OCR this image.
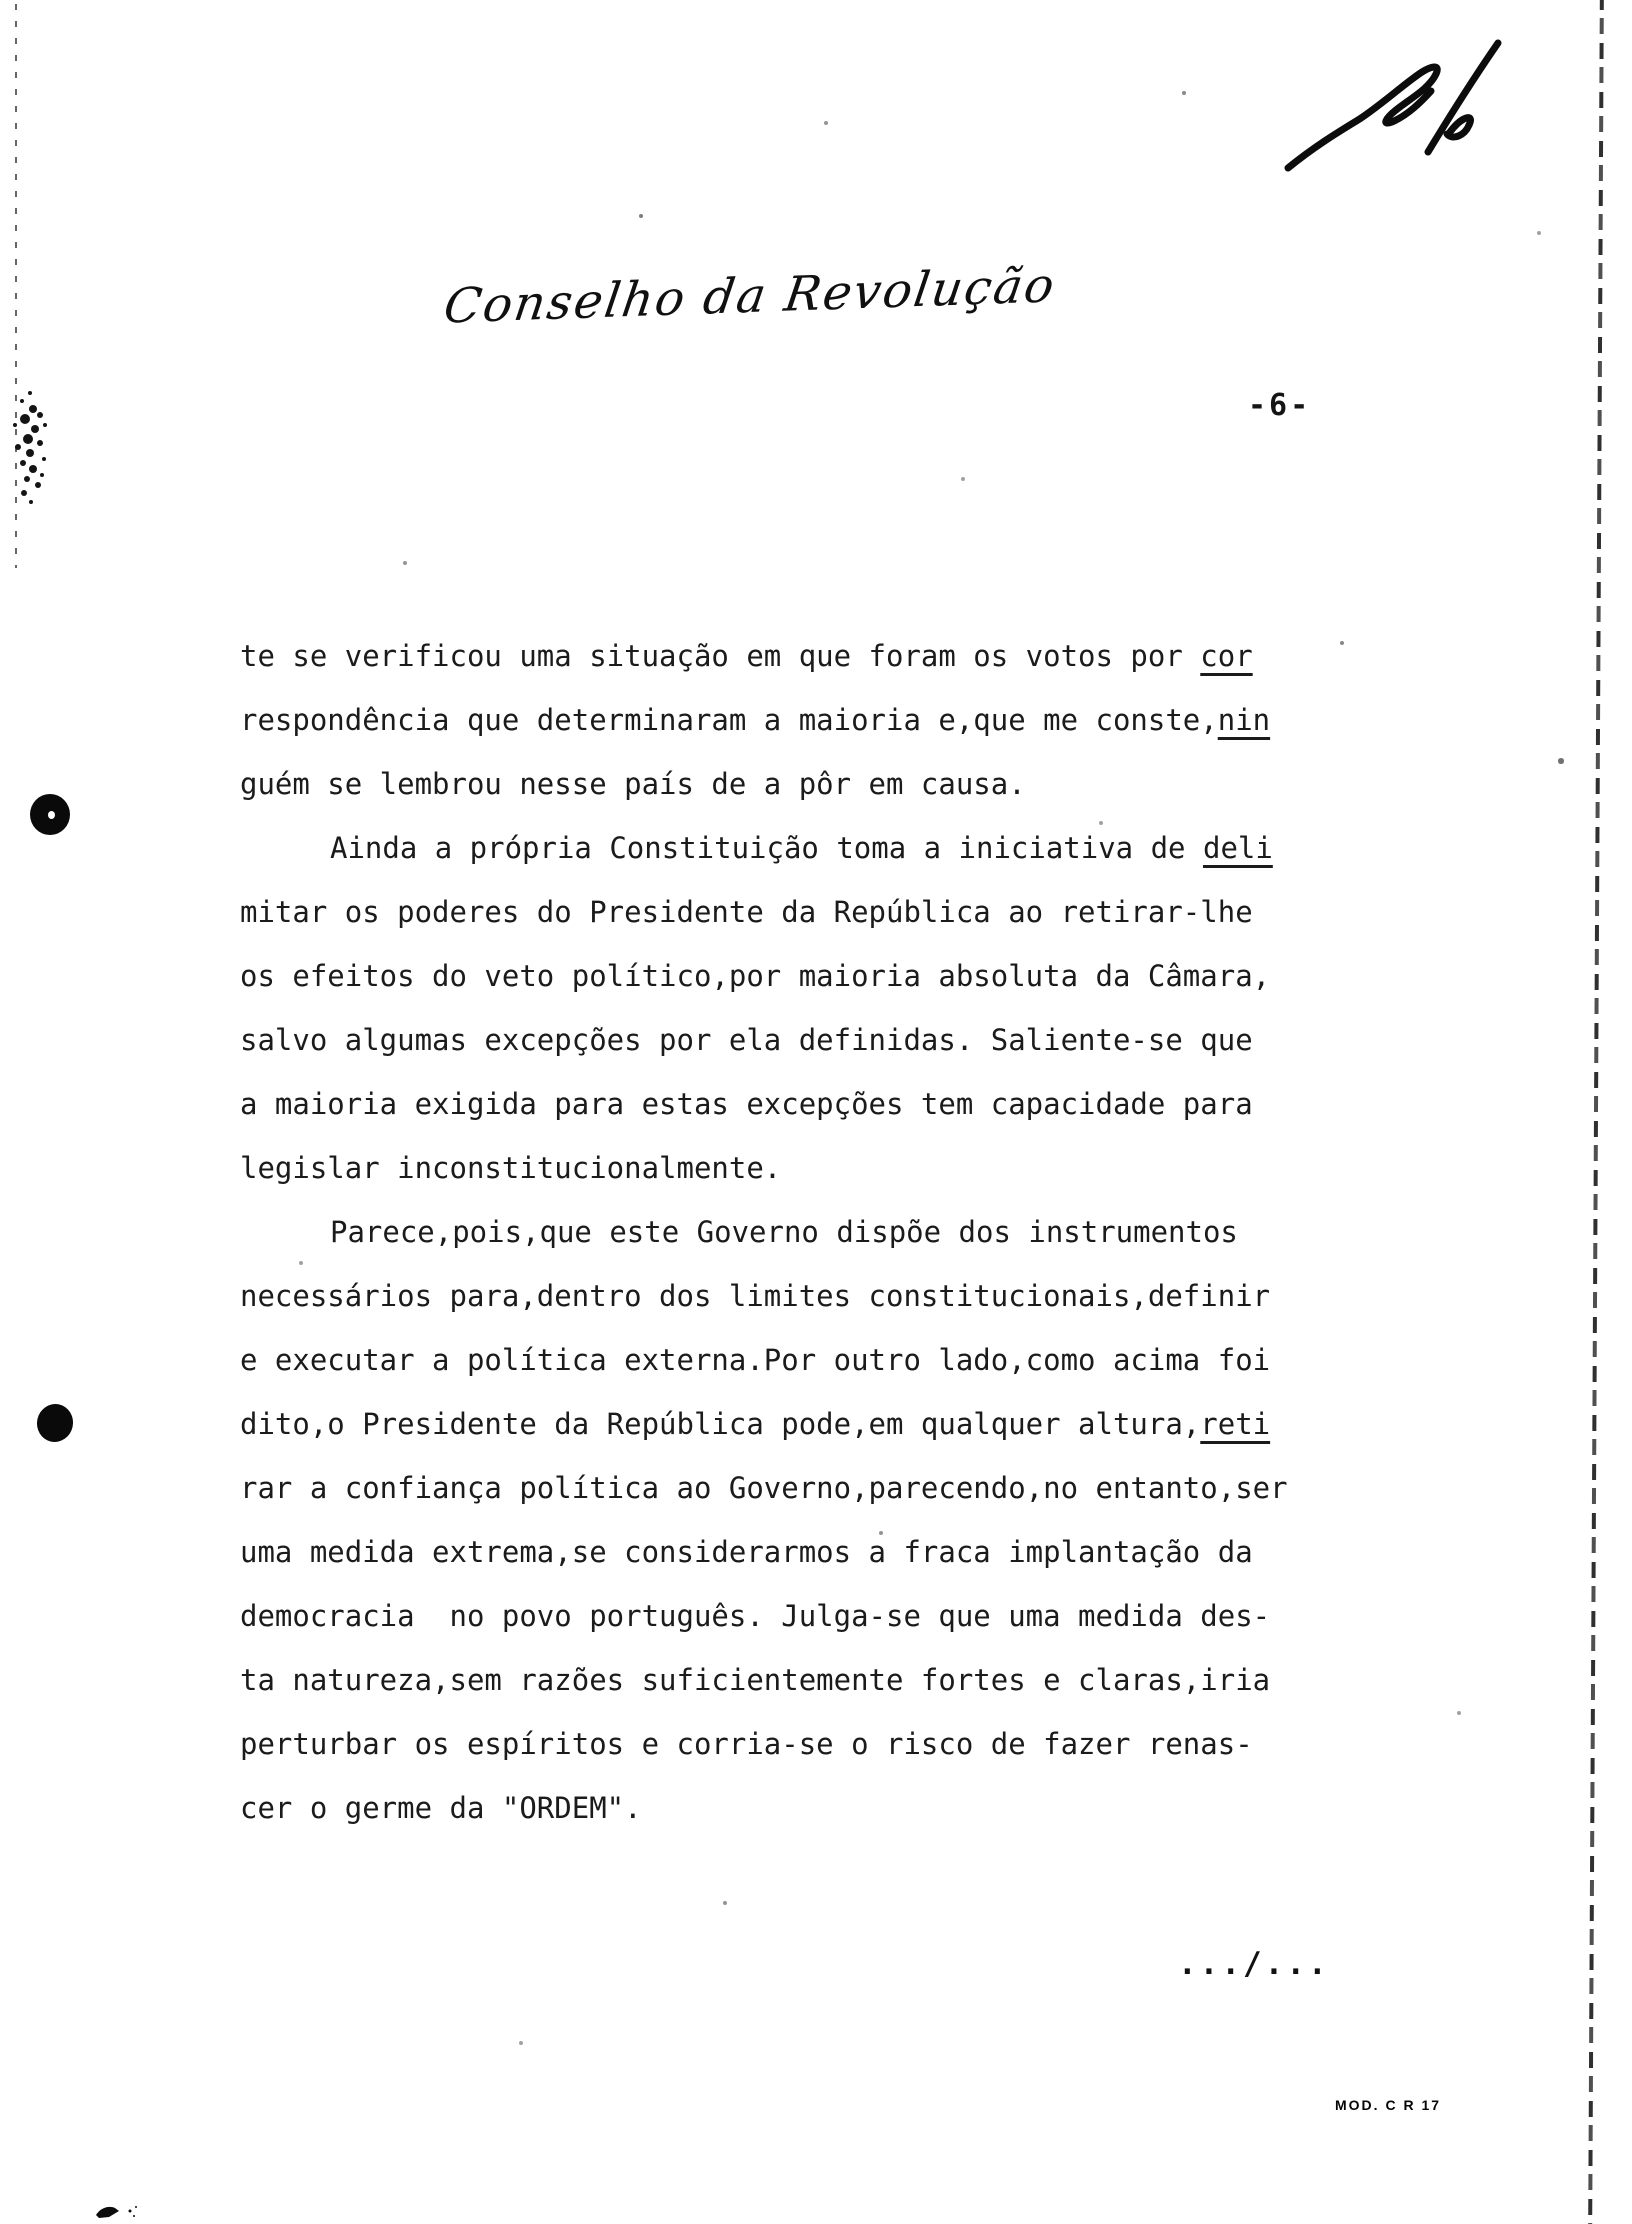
Conselho da Revolução
-6-
te se verificou uma situação em que foram os votos por cor
respondência que determinaram a maioria e,que me conste,nin
guém se lembrou nesse país de a pôr em causa.
Ainda a própria Constituição toma a iniciativa de deli
mitar os poderes do Presidente da República ao retirar-lhe
os efeitos do veto político,por maioria absoluta da Câmara,
salvo algumas excepções por ela definidas. Saliente-se que
a maioria exigida para estas excepções tem capacidade para
legislar inconstitucionalmente.
Parece,pois,que este Governo dispõe dos instrumentos
necessários para,dentro dos limites constitucionais,definir
e executar a política externa.Por outro lado,como acima foi
dito,o Presidente da República pode,em qualquer altura,reti
rar a confiança política ao Governo,parecendo,no entanto,ser
uma medida extrema,se considerarmos a fraca implantação da
democracia  no povo português. Julga-se que uma medida des-
ta natureza,sem razões suficientemente fortes e claras,iria
perturbar os espíritos e corria-se o risco de fazer renas-
cer o germe da "ORDEM".
.../...
MOD. C R 17
